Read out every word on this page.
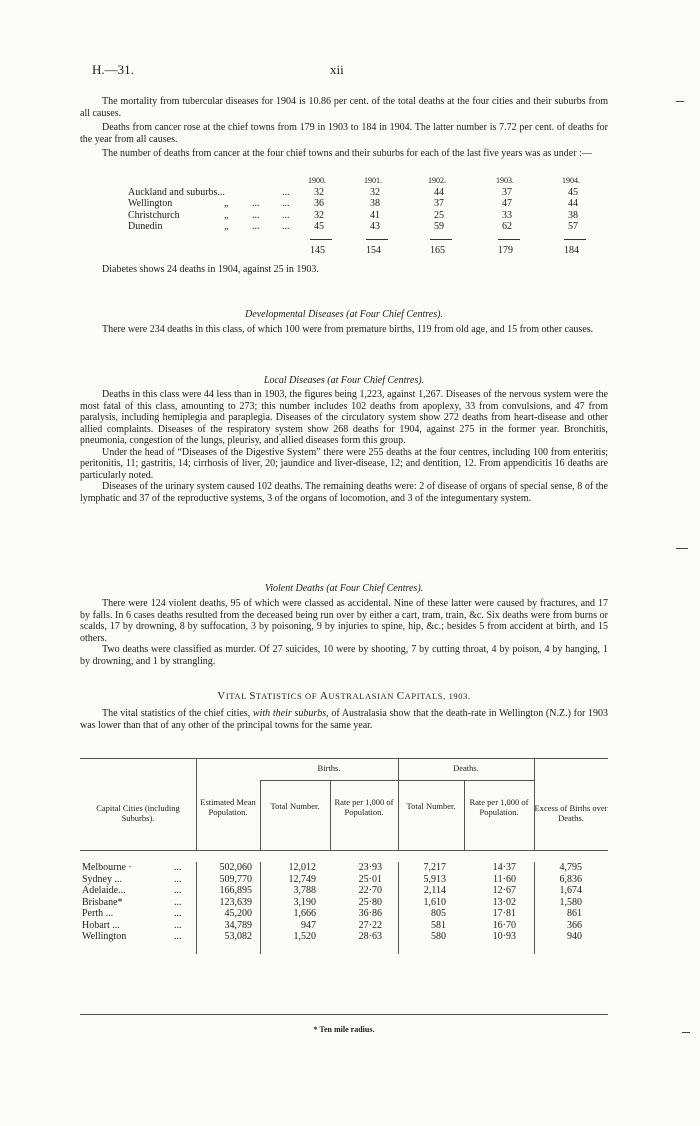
H.—31.	xii

The mortality from tubercular diseases for 1904 is 10.86 per cent. of the total deaths at the four cities and their suburbs from all causes.

Deaths from cancer rose at the chief towns from 179 in 1903 to 184 in 1904. The latter number is 7.72 per cent. of deaths for the year from all causes.

The number of deaths from cancer at the four chief towns and their suburbs for each of the last five years was as under :—

1900.	1901.	1902.	1903.	1904.
Auckland and suburbs...	... 32	32	44	37	45
Wellington	„ ... ... 36	38	37	47	44
Christchurch	„ ... ... 32	41	25	33	38
Dunedin	„ ... ... 45	43	59	62	57
145	154	165	179	184

Diabetes shows 24 deaths in 1904, against 25 in 1903.

Developmental Diseases (at Four Chief Centres).

There were 234 deaths in this class, of which 100 were from premature births, 119 from old age, and 15 from other causes.

Local Diseases (at Four Chief Centres).

Deaths in this class were 44 less than in 1903, the figures being 1,223, against 1,267. Diseases of the nervous system were the most fatal of this class, amounting to 273; this number includes 102 deaths from apoplexy, 33 from convulsions, and 47 from paralysis, including hemiplegia and paraplegia. Diseases of the circulatory system show 272 deaths from heart-disease and other allied complaints. Diseases of the respiratory system show 268 deaths for 1904, against 275 in the former year. Bronchitis, pneumonia, congestion of the lungs, pleurisy, and allied diseases form this group.

Under the head of “Diseases of the Digestive System” there were 255 deaths at the four centres, including 100 from enteritis; peritonitis, 11; gastritis, 14; cirrhosis of liver, 20; jaundice and liver-disease, 12; and dentition, 12. From appendicitis 16 deaths are particularly noted.

Diseases of the urinary system caused 102 deaths. The remaining deaths were: 2 of disease of organs of special sense, 8 of the lymphatic and 37 of the reproductive systems, 3 of the organs of locomotion, and 3 of the integumentary system.

Violent Deaths (at Four Chief Centres).

There were 124 violent deaths, 95 of which were classed as accidental. Nine of these latter were caused by fractures, and 17 by falls. In 6 cases deaths resulted from the deceased being run over by either a cart, tram, train, &c. Six deaths were from burns or scalds, 17 by drowning, 8 by suffocation, 3 by poisoning, 9 by injuries to spine, hip, &c.; besides 5 from accident at birth, and 15 others.

Two deaths were classified as murder. Of 27 suicides, 10 were by shooting, 7 by cutting throat, 4 by poison, 4 by hanging, 1 by drowning, and 1 by strangling.

VITAL STATISTICS OF AUSTRALASIAN CAPITALS, 1903.

The vital statistics of the chief cities, with their suburbs, of Australasia show that the death-rate in Wellington (N.Z.) for 1903 was lower than that of any other of the principal towns for the same year.

Capital Cities (including Suburbs).
Estimated Mean Population.
Births.	Deaths.
Total Number.	Rate per 1,000 of Population.
Total Number.	Rate per 1,000 of Population.	Excess of Births over Deaths.
Melbourne ·	...	502,060	12,012	23·93	7,217	14·37	4,795
Sydney ...	...	509,770	12,749	25·01	5,913	11·60	6,836
Adelaide...	...	166,895	3,788	22·70	2,114	12·67	1,674
Brisbane*	...	123,639	3,190	25·80	1,610	13·02	1,580
Perth ...	...	45,200	1,666	36·86	805	17·81	861
Hobart ...	...	34,789	947	27·22	581	16·70	366
Wellington	...	53,082	1,520	28·63	580	10·93	940
* Ten mile radius.
